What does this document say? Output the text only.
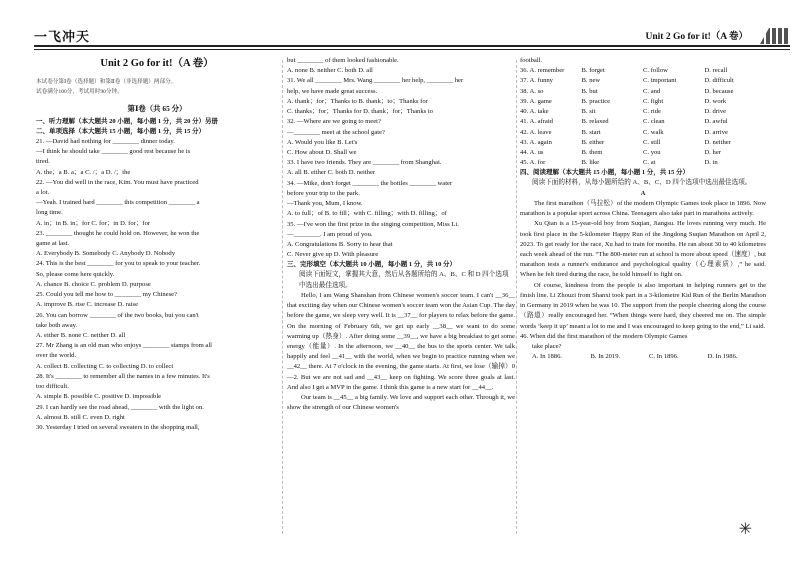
一飞冲天	Unit 2 Go for it!（A 卷）
Unit 2 Go for it!（A 卷）
本试卷分第Ⅰ卷（选择题）和第Ⅱ卷（非选择题）两部分。
试卷满分100分，考试用时90分钟。
第Ⅰ卷（共 65 分）
一、听力理解（本大题共 20 小题，每小题 1 分，共 20 分）另册
二、单项选择（本大题共 15 小题，每小题 1 分，共 15 分）
21. —David had nothing for ________ dinner today.
—I think he should take ________ good rest because he is
tired.
A. the；a B. a；a C. /；a D. /；the
22. —You did well in the race, Kim. You must have practiced
a lot.
—Yeah. I trained hard ________ this competition ________ a
long time.
A. in；in B. in；for C. for；in D. for；for
23. ________ thought he could hold on. However, he won the
game at last.
A. Everybody B. Somebody C. Anybody D. Nobody
24. This is the best ________ for you to speak to your teacher.
So, please come here quickly.
A. chance B. choice C. problem D. purpose
25. Could you tell me how to ________ my Chinese?
A. improve B. rise C. increase D. raise
26. You can borrow ________ of the two books, but you can't
take both away.
A. either B. none C. neither D. all
27. Mr Zhang is an old man who enjoys ________ stamps from all
over the world.
A. collect B. collecting C. to collecting D. to collect
28. It's ________ to remember all the names in a few minutes. It's
too difficult.
A. simple B. possible C. positive D. impossible
29. I can hardly see the road ahead, ________ with the light on.
A. almost B. still C. even D. right
30. Yesterday I tried on several sweaters in the shopping mall,
but ________ of them looked fashionable.
A. none B. neither C. both D. all
31. We all ________ Mrs. Wang ________ her help, ________ her
help, we have made great success.
A. thank；for；Thanks to B. thank；to；Thanks for
C. thanks；for；Thanks for D. thank；for；Thanks to
32. —Where are we going to meet?
—________ meet at the school gate?
A. Would you like B. Let's
C. How about D. Shall we
33. I have two friends. They are ________ from Shanghai.
A. all B. either C. both D. neither
34. —Mike, don't forget ________ the bottles ________ water
before your trip to the park.
—Thank you, Mum, I know.
A. to full；of B. to fill；with C. filling；with D. filling；of
35. —I've won the first prize in the singing competition, Miss Li.
—________. I am proud of you.
A. Congratulations B. Sorry to hear that
C. Never give up D. With pleasure
三、完形填空（本大题共 10 小题，每小题 1 分，共 10 分）
阅读下面短文，掌握其大意，然后从各题所给的 A、B、C 和 D 四个选项中选出最佳选项。
Hello, I am Wang Shanshan from Chinese women's soccer team. I can't __36__ that exciting day when our Chinese women's soccer team won the Asian Cup. The day before the game, we sleep very well. It is __37__ for players to relax before the game. On the morning of February 6th, we get up early __38__ we want to do some warming up（热身）. After doing some __39__, we have a big breakfast to get some energy（能量）. In the afternoon, we __40__ the bus to the sports center. We talk happily and feel __41__ with the world, when we begin to practice running when we __42__ there. At 7 o'clock in the evening, the game starts. At first, we lose（输掉）0—2. But we are not sad and __43__ keep on fighting. We score three goals at last. And also I get a MVP in the game. I think this game is a new start for __44__.
Our team is __45__ a big family. We love and support each other. Through it, we show the strength of our Chinese women's
football.
36. A. remember	B. forget	C. follow	D. recall
37. A. funny	B. new	C. important	D. difficult
38. A. so	B. but	C. and	D. because
39. A. game	B. practice	C. fight	D. work
40. A. take	B. sit	C. ride	D. drive
41. A. afraid	B. relaxed	C. clean	D. awful
42. A. leave	B. start	C. walk	D. arrive
43. A. again	B. either	C. still	D. neither
44. A. us	B. them	C. you	D. her
45. A. for	B. like	C. at	D. in
四、阅读理解（本大题共 15 小题，每小题 1 分，共 15 分）
阅读下面的材料，从每小题所给的 A、B、C、D 四个选项中选出最佳选项。
A
The first marathon（马拉松）of the modern Olympic Games took place in 1896. Now marathon is a popular sport across China. Teenagers also take part in marathons actively.
Xu Qian is a 15-year-old boy from Suqian, Jiangsu. He loves running very much. He took first place in the 5-kilometer Happy Run of the Jingdong Suqian Marathon on April 2, 2023. To get ready for the race, Xu had to train for months. He ran about 30 to 40 kilometres each week ahead of the run. “The 800-meter run at school is more about speed（速度）, but marathon tests a runner's endurance and psychological quality（心理素质）,” he said. When he felt tired during the race, he told himself to fight on.
Of course, kindness from the people is also important in helping runners get to the finish line. Li Zhouzi from Shanxi took part in a 3-kilometre Kid Run of the Berlin Marathon in Germany in 2019 when he was 10. The support from the people cheering along the course（路道）really encouraged her. “When things were hard, they cheered me on. The simple words ‘keep it up’ meant a lot to me and I was encouraged to keep going to the end,” Li said.
46. When did the first marathon of the modern Olympic Games
take place?
A. In 1886.	B. In 2019.	C. In 1896.	D. In 1986.
✳
